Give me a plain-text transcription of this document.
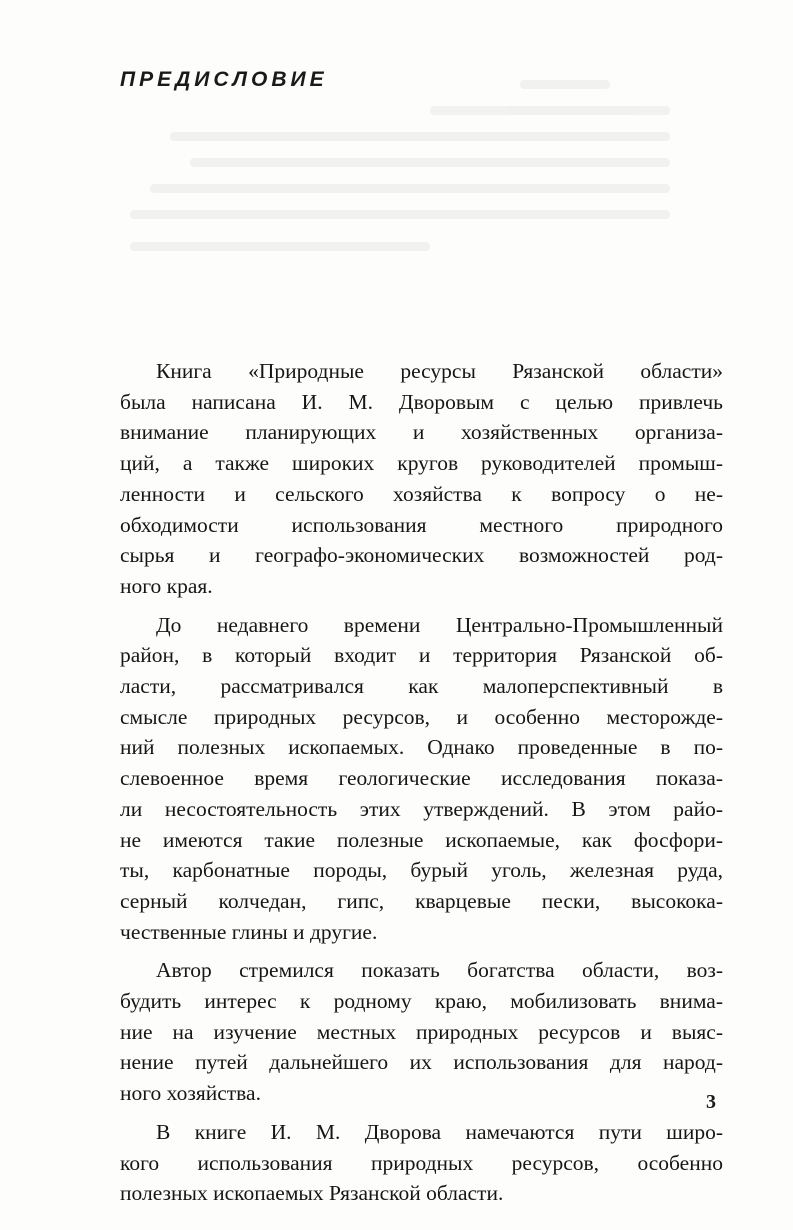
ПРЕДИСЛОВИЕ

Книга «Природные ресурсы Рязанской области»
была написана И. М. Дворовым с целью привлечь
внимание планирующих и хозяйственных организа-
ций, а также широких кругов руководителей промыш-
ленности и сельского хозяйства к вопросу о не-
обходимости использования местного природного
сырья и географо-экономических возможностей род-
ного края.

До недавнего времени Центрально-Промышленный
район, в который входит и территория Рязанской об-
ласти, рассматривался как малоперспективный в
смысле природных ресурсов, и особенно месторожде-
ний полезных ископаемых. Однако проведенные в по-
слевоенное время геологические исследования показа-
ли несостоятельность этих утверждений. В этом райо-
не имеются такие полезные ископаемые, как фосфори-
ты, карбонатные породы, бурый уголь, железная руда,
серный колчедан, гипс, кварцевые пески, высокока-
чественные глины и другие.

Автор стремился показать богатства области, воз-
будить интерес к родному краю, мобилизовать внима-
ние на изучение местных природных ресурсов и выяс-
нение путей дальнейшего их использования для народ-
ного хозяйства.

В книге И. М. Дворова намечаются пути широ-
кого использования природных ресурсов, особенно
полезных ископаемых Рязанской области.

3
